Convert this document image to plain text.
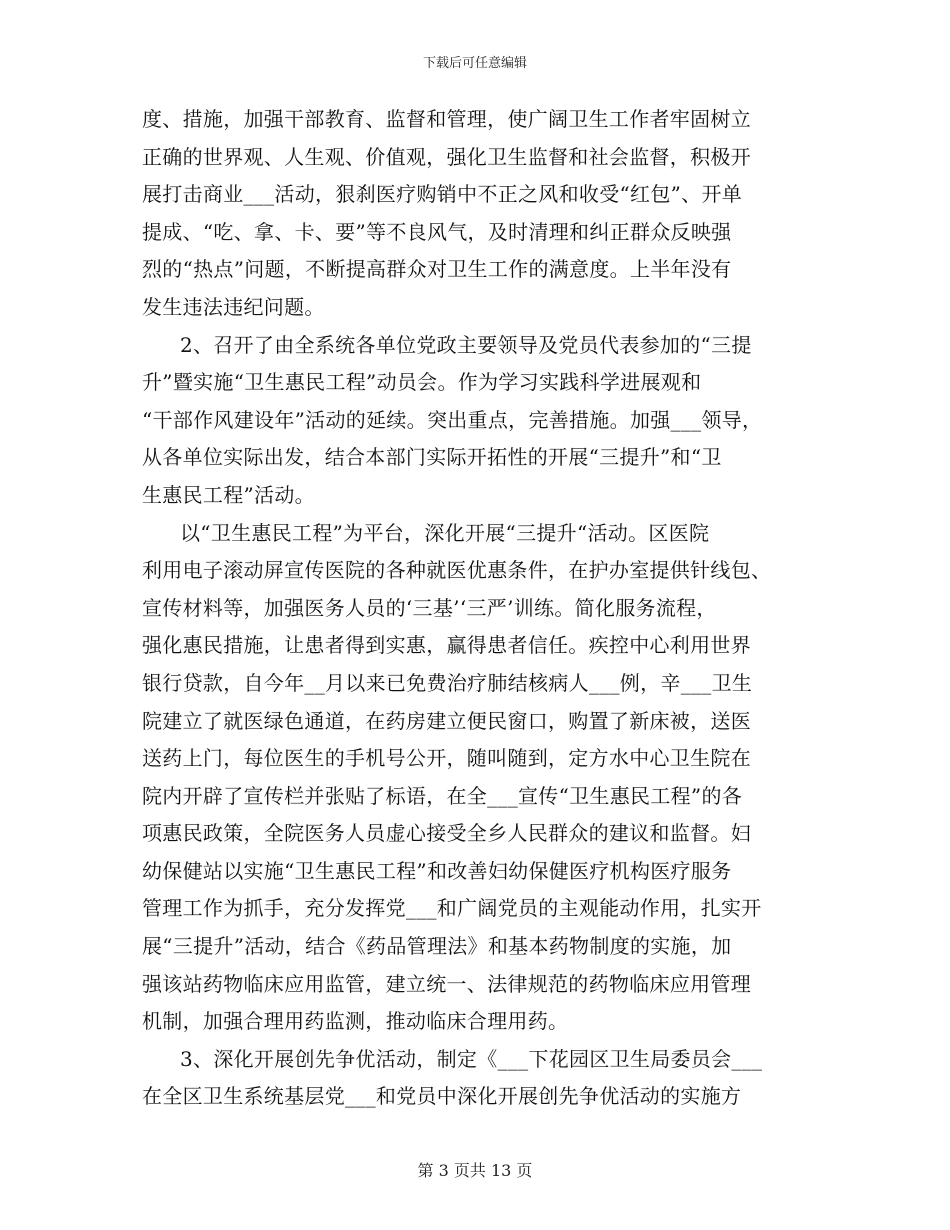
下载后可任意编辑
度、措施，加强干部教育、监督和管理，使广阔卫生工作者牢固树立
正确的世界观、人生观、价值观，强化卫生监督和社会监督，积极开
展打击商业___活动，狠刹医疗购销中不正之风和收受“红包”、开单
提成、“吃、拿、卡、要”等不良风气，及时清理和纠正群众反映强
烈的“热点”问题，不断提高群众对卫生工作的满意度。上半年没有
发生违法违纪问题。
2、召开了由全系统各单位党政主要领导及党员代表参加的“三提
升”暨实施“卫生惠民工程”动员会。作为学习实践科学进展观和
“干部作风建设年”活动的延续。突出重点，完善措施。加强___领导，
从各单位实际出发，结合本部门实际开拓性的开展“三提升”和“卫
生惠民工程”活动。
以“卫生惠民工程”为平台，深化开展“三提升“活动。区医院
利用电子滚动屏宣传医院的各种就医优惠条件，在护办室提供针线包、
宣传材料等，加强医务人员的‘三基’‘三严’训练。简化服务流程，
强化惠民措施，让患者得到实惠，赢得患者信任。疾控中心利用世界
银行贷款，自今年__月以来已免费治疗肺结核病人___例，辛___卫生
院建立了就医绿色通道，在药房建立便民窗口，购置了新床被，送医
送药上门，每位医生的手机号公开，随叫随到，定方水中心卫生院在
院内开辟了宣传栏并张贴了标语，在全___宣传“卫生惠民工程”的各
项惠民政策，全院医务人员虚心接受全乡人民群众的建议和监督。妇
幼保健站以实施“卫生惠民工程”和改善妇幼保健医疗机构医疗服务
管理工作为抓手，充分发挥党___和广阔党员的主观能动作用，扎实开
展“三提升”活动，结合《药品管理法》和基本药物制度的实施，加
强该站药物临床应用监管，建立统一、法律规范的药物临床应用管理
机制，加强合理用药监测，推动临床合理用药。
3、深化开展创先争优活动，制定《___下花园区卫生局委员会___
在全区卫生系统基层党___和党员中深化开展创先争优活动的实施方
第 3 页共 13 页
